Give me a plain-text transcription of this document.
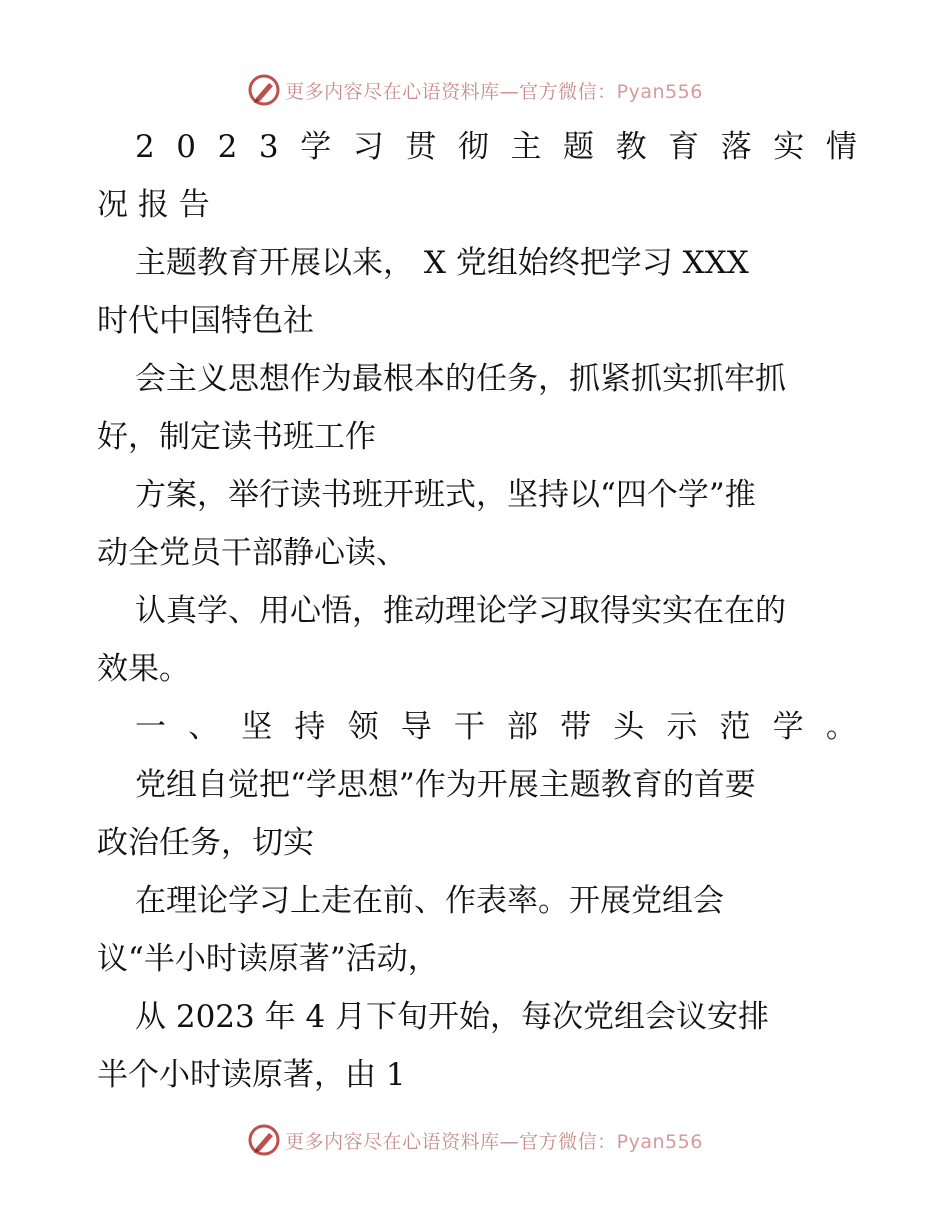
更多内容尽在心语资料库—官方微信：Pyan556
2 0 2 3 学 习 贯 彻 主 题 教 育 落 实 情
况 报 告
主题教育开展以来， X 党组始终把学习 XXX
时代中国特色社
会主义思想作为最根本的任务，抓紧抓实抓牢抓
好，制定读书班工作
方案，举行读书班开班式，坚持以“四个学”推
动全党员干部静心读、
认真学、用心悟，推动理论学习取得实实在在的
效果。
一 、 坚 持 领 导 干 部 带 头 示 范 学 。
党组自觉把“学思想”作为开展主题教育的首要
政治任务，切实
在理论学习上走在前、作表率。开展党组会
议“半小时读原著”活动，
从 2023 年 4 月下旬开始，每次党组会议安排
半个小时读原著，由 1
更多内容尽在心语资料库—官方微信：Pyan556
